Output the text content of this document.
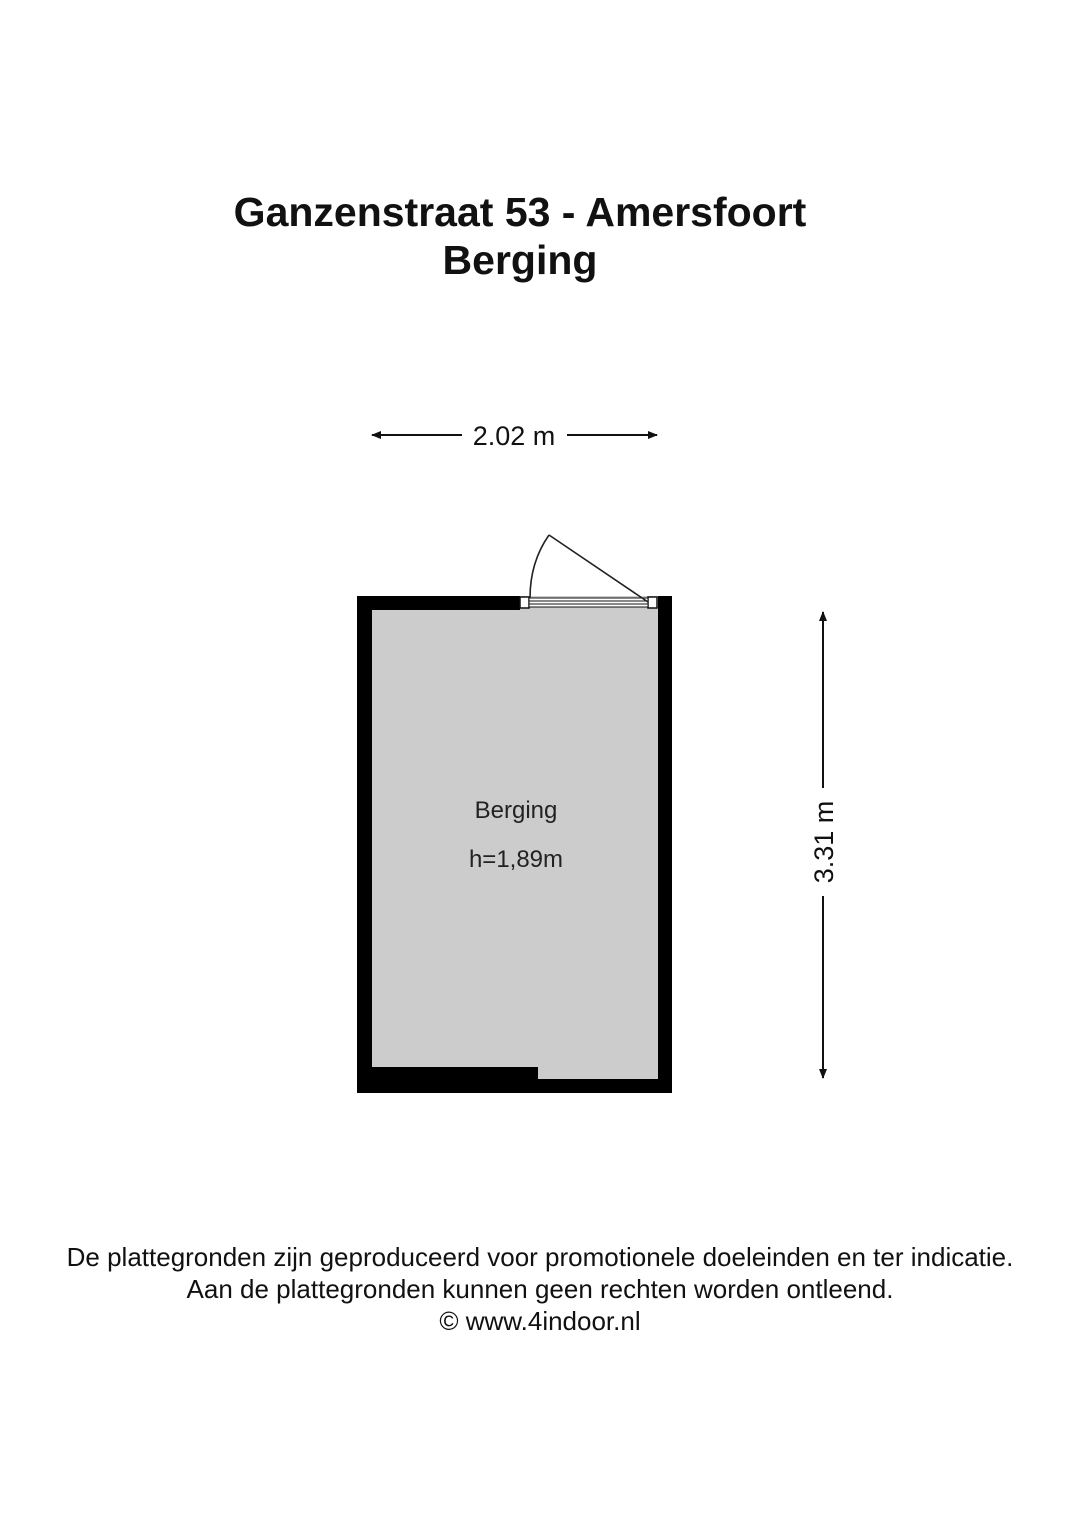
Ganzenstraat 53 - Amersfoort
Berging
2.02 m
3.31 m
Berging
h=1,89m
De plattegronden zijn geproduceerd voor promotionele doeleinden en ter indicatie.
Aan de plattegronden kunnen geen rechten worden ontleend.
© www.4indoor.nl
